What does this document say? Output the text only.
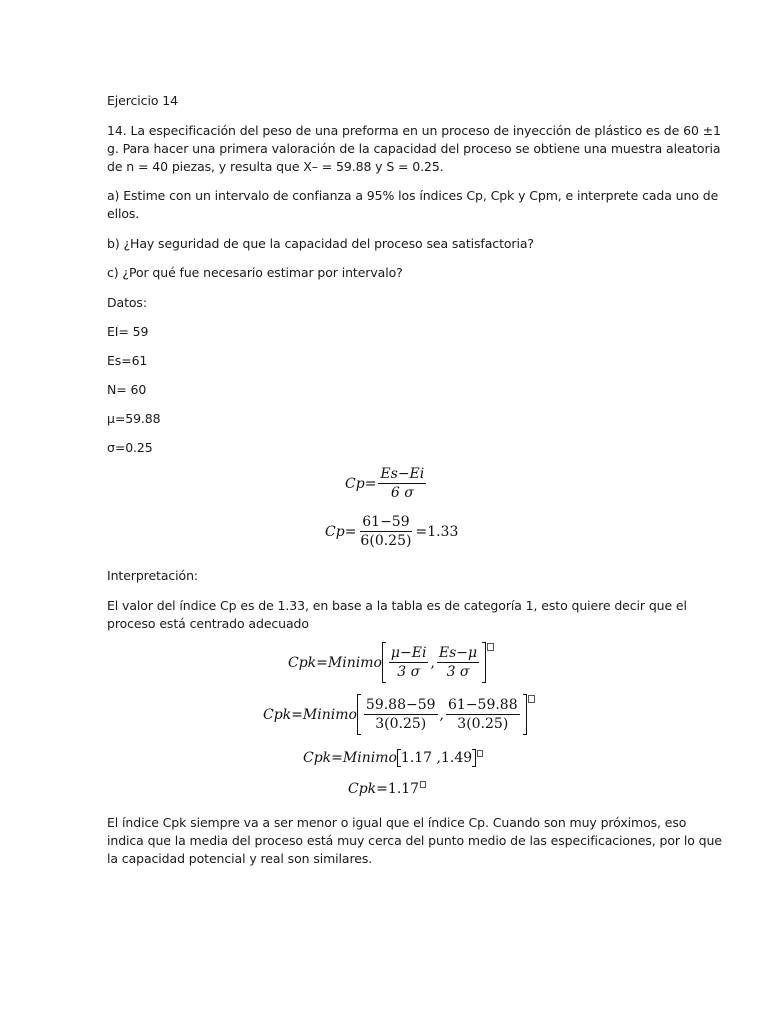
Ejercicio 14
14. La especificación del peso de una preforma en un proceso de inyección de plástico es de 60 ±1
g. Para hacer una primera valoración de la capacidad del proceso se obtiene una muestra aleatoria
de n = 40 piezas, y resulta que X– = 59.88 y S = 0.25.
a) Estime con un intervalo de confianza a 95% los índices Cp, Cpk y Cpm, e interprete cada uno de
ellos.
b) ¿Hay seguridad de que la capacidad del proceso sea satisfactoria?
c) ¿Por qué fue necesario estimar por intervalo?
Datos:
EI= 59
Es=61
N= 60
μ=59.88
σ=0.25
$Cp = \frac{Es-Ei}{6 \sigma}$
$Cp = \frac{61-59}{6(0.25)} = 1.33$
Interpretación:
El valor del índice Cp es de 1.33, en base a la tabla es de categoría 1, esto quiere decir que el
proceso está centrado adecuado
Cpk = Minimo $\frac{\mu-Ei}{3 \sigma}$ , $\frac{Es-\mu}{3 \sigma}$
Cpk = Minimo $\frac{59.88-59}{3(0.25)}$ , $\frac{61-59.88}{3(0.25)}$
Cpk = Minimo 1.17 ,1.49
Cpk = 1.17
El índice Cpk siempre va a ser menor o igual que el índice Cp. Cuando son muy próximos, eso
indica que la media del proceso está muy cerca del punto medio de las especificaciones, por lo que
la capacidad potencial y real son similares.
